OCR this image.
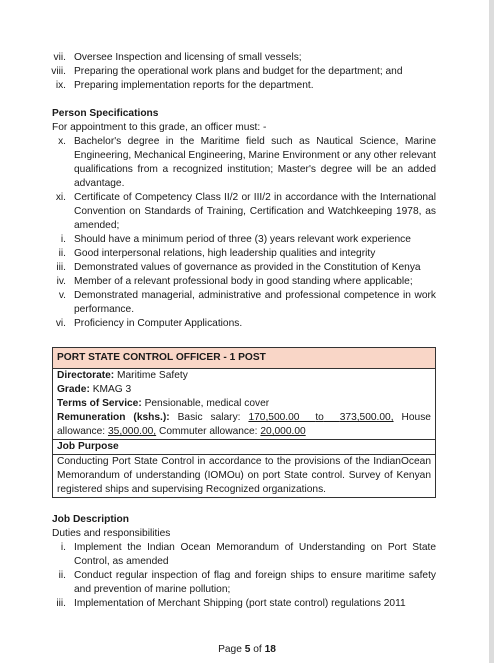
vii. Oversee Inspection and licensing of small vessels;
viii. Preparing the operational work plans and budget for the department; and
ix. Preparing implementation reports for the department.
Person Specifications
For appointment to this grade, an officer must: -
x. Bachelor's degree in the Maritime field such as Nautical Science, Marine Engineering, Mechanical Engineering, Marine Environment or any other relevant qualifications from a recognized institution; Master's degree will be an added advantage.
xi. Certificate of Competency Class II/2 or III/2 in accordance with the International Convention on Standards of Training, Certification and Watchkeeping 1978, as amended;
i. Should have a minimum period of three (3) years relevant work experience
ii. Good interpersonal relations, high leadership qualities and integrity
iii. Demonstrated values of governance as provided in the Constitution of Kenya
iv. Member of a relevant professional body in good standing where applicable;
v. Demonstrated managerial, administrative and professional competence in work performance.
vi. Proficiency in Computer Applications.
PORT STATE CONTROL OFFICER - 1 POST
Directorate: Maritime Safety
Grade: KMAG 3
Terms of Service: Pensionable, medical cover
Remuneration (kshs.): Basic salary: 170,500.00 to 373,500.00, House allowance: 35,000.00, Commuter allowance: 20,000.00
Job Purpose
Conducting Port State Control in accordance to the provisions of the IndianOcean Memorandum of understanding (IOMOu) on port State control. Survey of Kenyan registered ships and supervising Recognized organizations.
Job Description
Duties and responsibilities
i. Implement the Indian Ocean Memorandum of Understanding on Port State Control, as amended
ii. Conduct regular inspection of flag and foreign ships to ensure maritime safety and prevention of marine pollution;
iii. Implementation of Merchant Shipping (port state control) regulations 2011
Page 5 of 18
